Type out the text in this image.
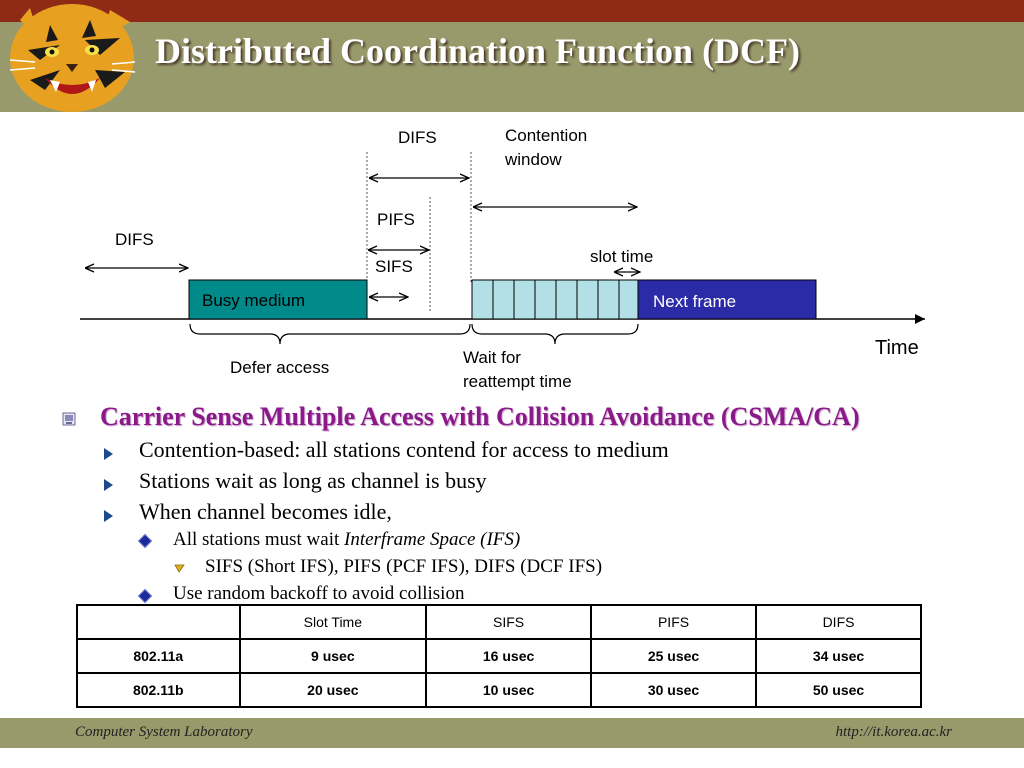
Distributed Coordination Function (DCF)
DIFS	Contention
window
PIFS
DIFS
slot time
SIFS
Busy medium	Next frame
Time
Defer access
Wait for
reattempt time
Carrier Sense Multiple Access with Collision Avoidance (CSMA/CA)
Contention-based: all stations contend for access to medium
Stations wait as long as channel is busy
When channel becomes idle,
All stations must wait Interframe Space (IFS)
SIFS (Short IFS), PIFS (PCF IFS), DIFS (DCF IFS)
Use random backoff to avoid collision
	Slot Time	SIFS	PIFS	DIFS
802.11a	9 usec	16 usec	25 usec	34 usec
802.11b	20 usec	10 usec	30 usec	50 usec
Computer System Laboratory	http://it.korea.ac.kr
